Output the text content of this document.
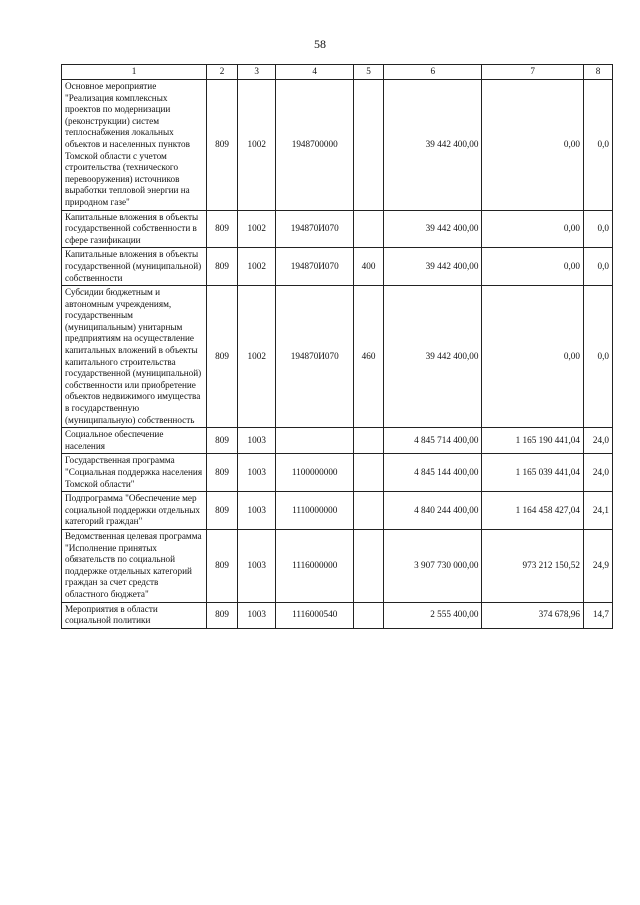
58
1	2	3	4	5	6	7	8
Основное мероприятие "Реализация комплексных проектов по модернизации (реконструкции) систем теплоснабжения локальных объектов и населенных пунктов Томской области с учетом строительства (технического перевооружения) источников выработки тепловой энергии на природном газе"	809	1002	1948700000		39 442 400,00	0,00	0,0
Капитальные вложения в объекты государственной собственности в сфере газификации	809	1002	194870И070		39 442 400,00	0,00	0,0
Капитальные вложения в объекты государственной (муниципальной) собственности	809	1002	194870И070	400	39 442 400,00	0,00	0,0
Субсидии бюджетным и автономным учреждениям, государственным (муниципальным) унитарным предприятиям на осуществление капитальных вложений в объекты капитального строительства государственной (муниципальной) собственности или приобретение объектов недвижимого имущества в государственную (муниципальную) собственность	809	1002	194870И070	460	39 442 400,00	0,00	0,0
Социальное обеспечение населения	809	1003			4 845 714 400,00	1 165 190 441,04	24,0
Государственная программа "Социальная поддержка населения Томской области"	809	1003	1100000000		4 845 144 400,00	1 165 039 441,04	24,0
Подпрограмма "Обеспечение мер социальной поддержки отдельных категорий граждан"	809	1003	1110000000		4 840 244 400,00	1 164 458 427,04	24,1
Ведомственная целевая программа "Исполнение принятых обязательств по социальной поддержке отдельных категорий граждан за счет средств областного бюджета"	809	1003	1116000000		3 907 730 000,00	973 212 150,52	24,9
Мероприятия в области социальной политики	809	1003	1116000540		2 555 400,00	374 678,96	14,7
